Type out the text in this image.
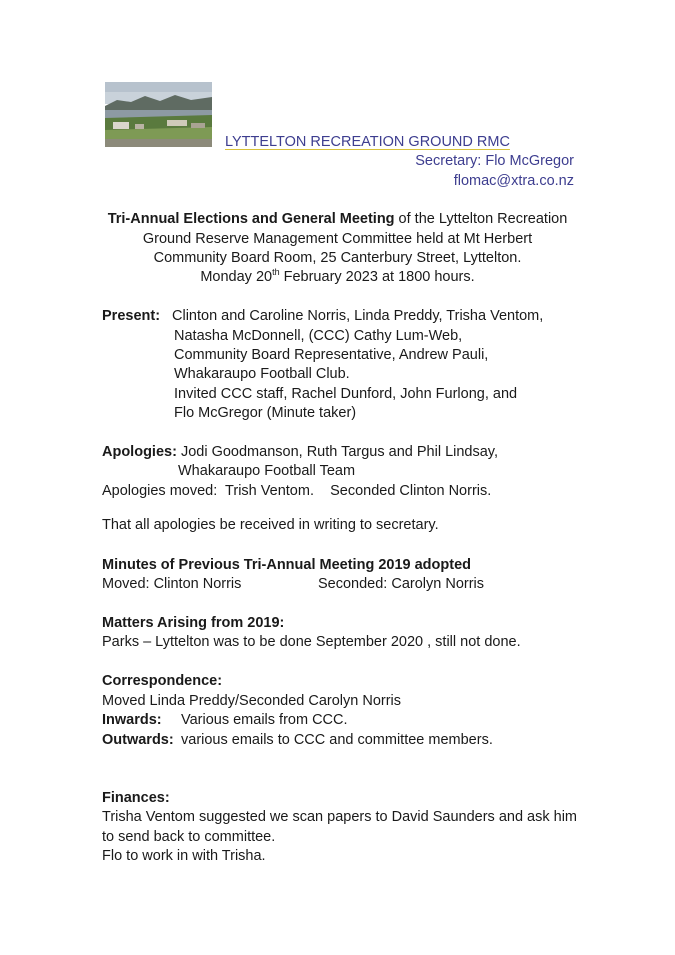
LYTTELTON RECREATION GROUND RMC
Secretary: Flo McGregor
flomac@xtra.co.nz
Tri-Annual Elections and General Meeting of the Lyttelton Recreation
Ground Reserve Management Committee held at Mt Herbert
Community Board Room, 25 Canterbury Street, Lyttelton.
Monday 20th February 2023 at 1800 hours.
Present: Clinton and Caroline Norris, Linda Preddy, Trisha Ventom,
Natasha McDonnell, (CCC) Cathy Lum-Web,
Community Board Representative, Andrew Pauli,
Whakaraupo Football Club.
Invited CCC staff, Rachel Dunford, John Furlong, and
Flo McGregor (Minute taker)
Apologies: Jodi Goodmanson, Ruth Targus and Phil Lindsay,
Whakaraupo Football Team
Apologies moved:  Trish Ventom.    Seconded Clinton Norris.
That all apologies be received in writing to secretary.
Minutes of Previous Tri-Annual Meeting 2019 adopted
Moved: Clinton Norris	Seconded: Carolyn Norris
Matters Arising from 2019:
Parks – Lyttelton was to be done September 2020 , still not done.
Correspondence:
Moved Linda Preddy/Seconded Carolyn Norris
Inwards: Various emails from CCC.
Outwards: various emails to CCC and committee members.
Finances:
Trisha Ventom suggested we scan papers to David Saunders and ask him
to send back to committee.
Flo to work in with Trisha.
